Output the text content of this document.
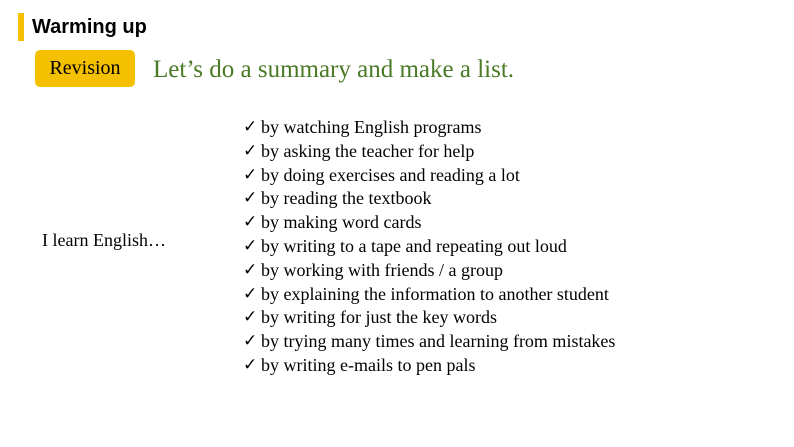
Warming up
Revision	Let’s do a summary and make a list.
I learn English…
✓ by watching English programs
✓ by asking the teacher for help
✓ by doing exercises and reading a lot
✓ by reading the textbook
✓ by making word cards
✓ by writing to a tape and repeating out loud
✓ by working with friends / a group
✓ by explaining the information to another student
✓ by writing for just the key words
✓ by trying many times and learning from mistakes
✓ by writing e-mails to pen pals
